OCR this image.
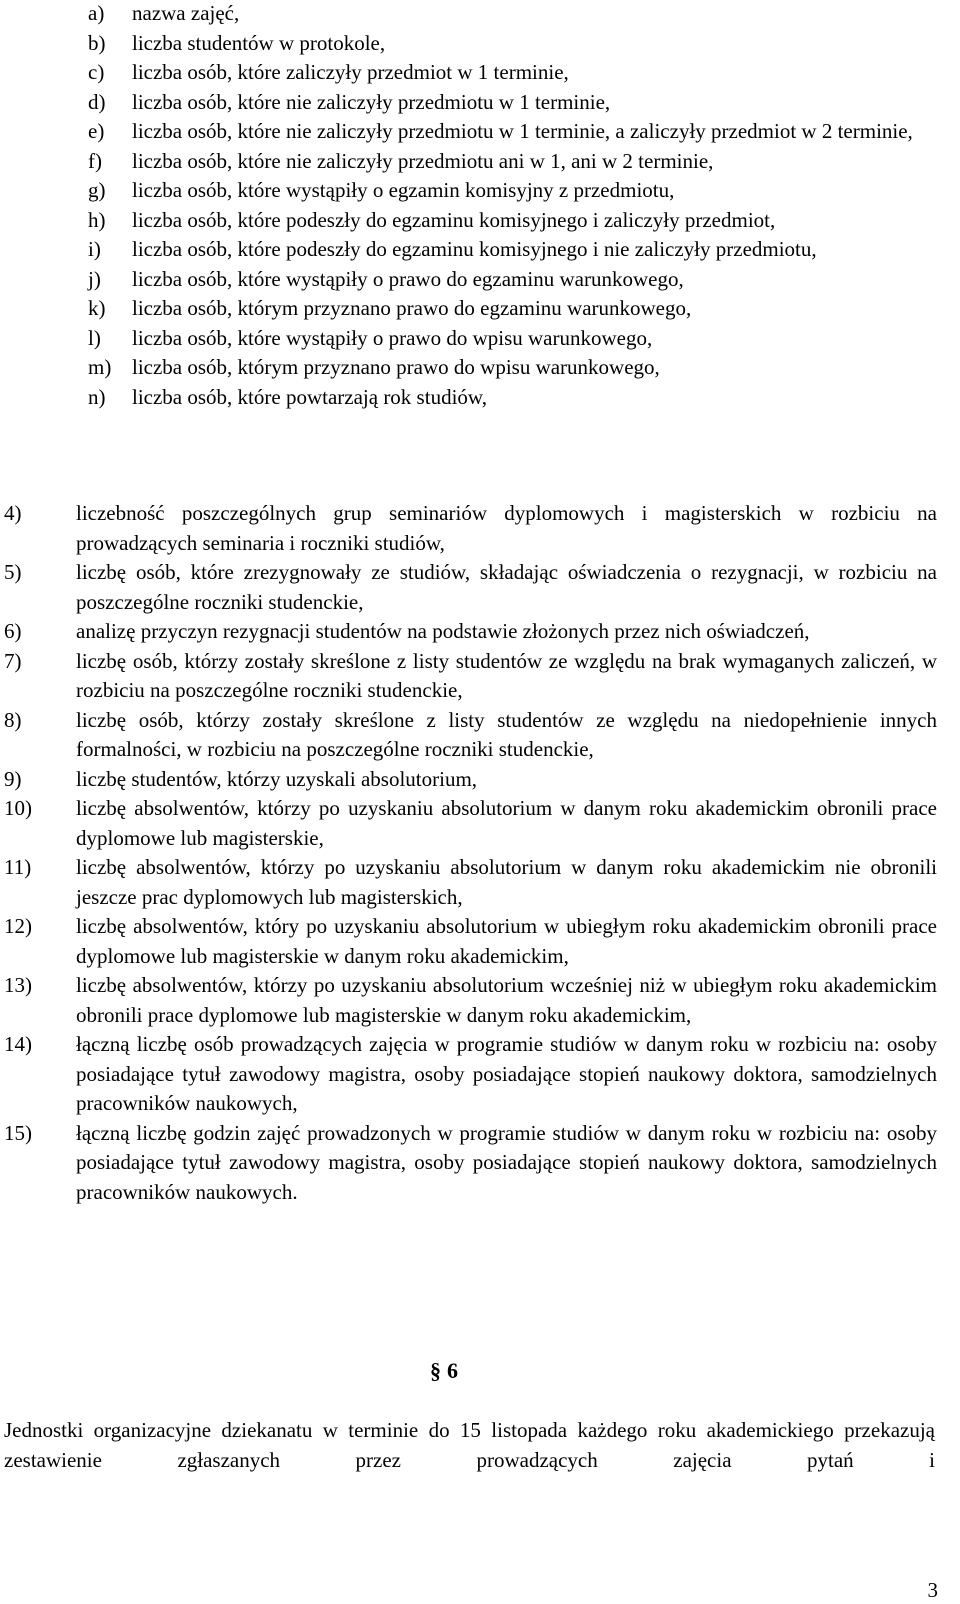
a) nazwa zajęć,
b) liczba studentów w protokole,
c) liczba osób, które zaliczyły przedmiot w 1 terminie,
d) liczba osób, które nie zaliczyły przedmiotu w 1 terminie,
e) liczba osób, które nie zaliczyły przedmiotu w 1 terminie, a zaliczyły przedmiot w 2 terminie,
f) liczba osób, które nie zaliczyły przedmiotu ani w 1, ani w 2 terminie,
g) liczba osób, które wystąpiły o egzamin komisyjny z przedmiotu,
h) liczba osób, które podeszły do egzaminu komisyjnego i zaliczyły przedmiot,
i) liczba osób, które podeszły do egzaminu komisyjnego i nie zaliczyły przedmiotu,
j) liczba osób, które wystąpiły o prawo do egzaminu warunkowego,
k) liczba osób, którym przyznano prawo do egzaminu warunkowego,
l) liczba osób, które wystąpiły o prawo do wpisu warunkowego,
m) liczba osób, którym przyznano prawo do wpisu warunkowego,
n) liczba osób, które powtarzają rok studiów,
4)	liczebność poszczególnych grup seminariów dyplomowych i magisterskich w rozbiciu na prowadzących seminaria i roczniki studiów,
5)	liczbę osób, które zrezygnowały ze studiów, składając oświadczenia o rezygnacji, w rozbiciu na poszczególne roczniki studenckie,
6)	analizę przyczyn rezygnacji studentów na podstawie złożonych przez nich oświadczeń,
7)	liczbę osób, którzy zostały skreślone z listy studentów ze względu na brak wymaganych zaliczeń, w rozbiciu na poszczególne roczniki studenckie,
8)	liczbę osób, którzy zostały skreślone z listy studentów ze względu na niedopełnienie innych formalności, w rozbiciu na poszczególne roczniki studenckie,
9)	liczbę studentów, którzy uzyskali absolutorium,
10) liczbę absolwentów, którzy po uzyskaniu absolutorium w danym roku akademickim obronili prace dyplomowe lub magisterskie,
11) liczbę absolwentów, którzy po uzyskaniu absolutorium w danym roku akademickim nie obronili jeszcze prac dyplomowych lub magisterskich,
12) liczbę absolwentów, który po uzyskaniu absolutorium w ubiegłym roku akademickim obronili prace dyplomowe lub magisterskie w danym roku akademickim,
13) liczbę absolwentów, którzy po uzyskaniu absolutorium wcześniej niż w ubiegłym roku akademickim obronili prace dyplomowe lub magisterskie w danym roku akademickim,
14) łączną liczbę osób prowadzących zajęcia w programie studiów w danym roku w rozbiciu na: osoby posiadające tytuł zawodowy magistra, osoby posiadające stopień naukowy doktora, samodzielnych pracowników naukowych,
15) łączną liczbę godzin zajęć prowadzonych w programie studiów w danym roku w rozbiciu na: osoby posiadające tytuł zawodowy magistra, osoby posiadające stopień naukowy doktora, samodzielnych pracowników naukowych.
§ 6
Jednostki organizacyjne dziekanatu w terminie do 15 listopada każdego roku akademickiego przekazują zestawienie zgłaszanych przez prowadzących zajęcia pytań i
3
